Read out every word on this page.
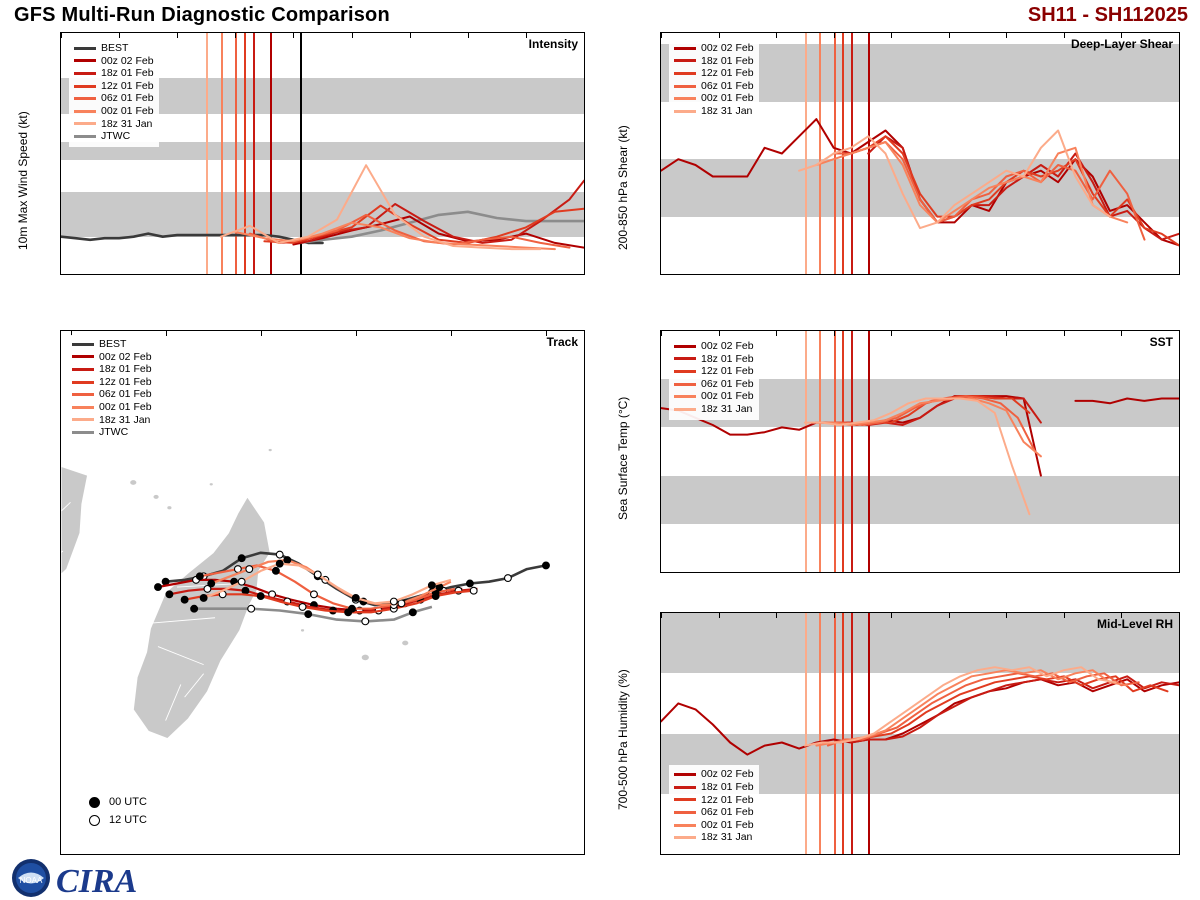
GFS Multi-Run Diagnostic Comparison	SH11 - SH112025

Intensity
BEST
00z 02 Feb
18z 01 Feb
12z 01 Feb
06z 01 Feb
00z 01 Feb
18z 31 Jan
JTWC
10m Max Wind Speed (kt)
Track
BEST
00z 02 Feb
18z 01 Feb
12z 01 Feb
06z 01 Feb
00z 01 Feb
18z 31 Jan
JTWC
00 UTC
12 UTC

Deep-Layer Shear
00z 02 Feb
18z 01 Feb
12z 01 Feb
06z 01 Feb
00z 01 Feb
18z 31 Jan
200-850 hPa Shear (kt)

SST
00z 02 Feb
18z 01 Feb
12z 01 Feb
06z 01 Feb
00z 01 Feb
18z 31 Jan
Sea Surface Temp (°C)

Mid-Level RH
00z 02 Feb
18z 01 Feb
12z 01 Feb
06z 01 Feb
00z 01 Feb
18z 31 Jan
700-500 hPa Humidity (%)
NOAA CIRA
